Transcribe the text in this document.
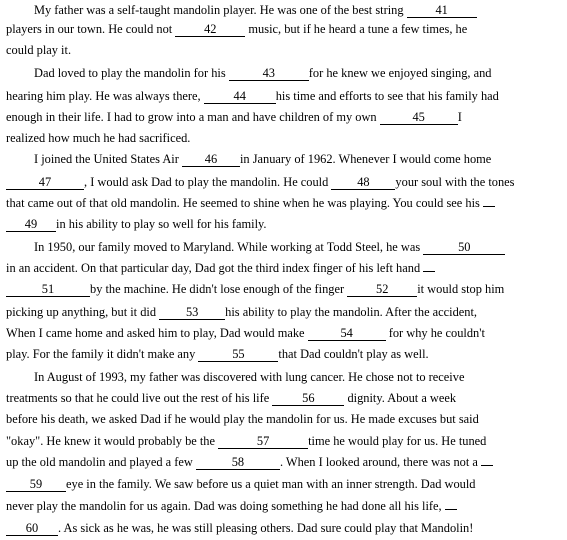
My father was a self-taught mandolin player. He was one of the best string 41
players in our town. He could not 42 music, but if he heard a tune a few times, he
could play it.
Dad loved to play the mandolin for his	43	for he knew we enjoyed singing, and
hearing him play. He was always there, 44 his time and efforts to see that his family had
enough in their life. I had to grow into a man and have children of my own	45	I
realized how much he had sacrificed.
I joined the United States Air 46 in January of 1962. Whenever I would come home
47	, I would ask Dad to play the mandolin. He could 48 your soul with the tones
that came out of that old mandolin. He seemed to shine when he was playing. You could see his
49 in his ability to play so well for his family.
In 1950, our family moved to Maryland. While working at Todd Steel, he was	50
in an accident. On that particular day, Dad got the third index finger of his left hand
51	by the machine. He didn't lose enough of the finger 52 it would stop him
picking up anything, but it did 53 his ability to play the mandolin. After the accident,
When I came home and asked him to play, Dad would make	54	for why he couldn't
play. For the family it didn't make any	55	that Dad couldn't play as well.
In August of 1993, my father was discovered with lung cancer. He chose not to receive
treatments so that he could live out the rest of his life 56 dignity. About a week
before his death, we asked Dad if he would play the mandolin for us. He made excuses but said
"okay". He knew it would probably be the	57	time he would play for us. He tuned
up the old mandolin and played a few	58	. When I looked around, there was not a
59 eye in the family. We saw before us a quiet man with an inner strength. Dad would
never play the mandolin for us again. Dad was doing something he had done all his life,
60 . As sick as he was, he was still pleasing others. Dad sure could play that Mandolin!
